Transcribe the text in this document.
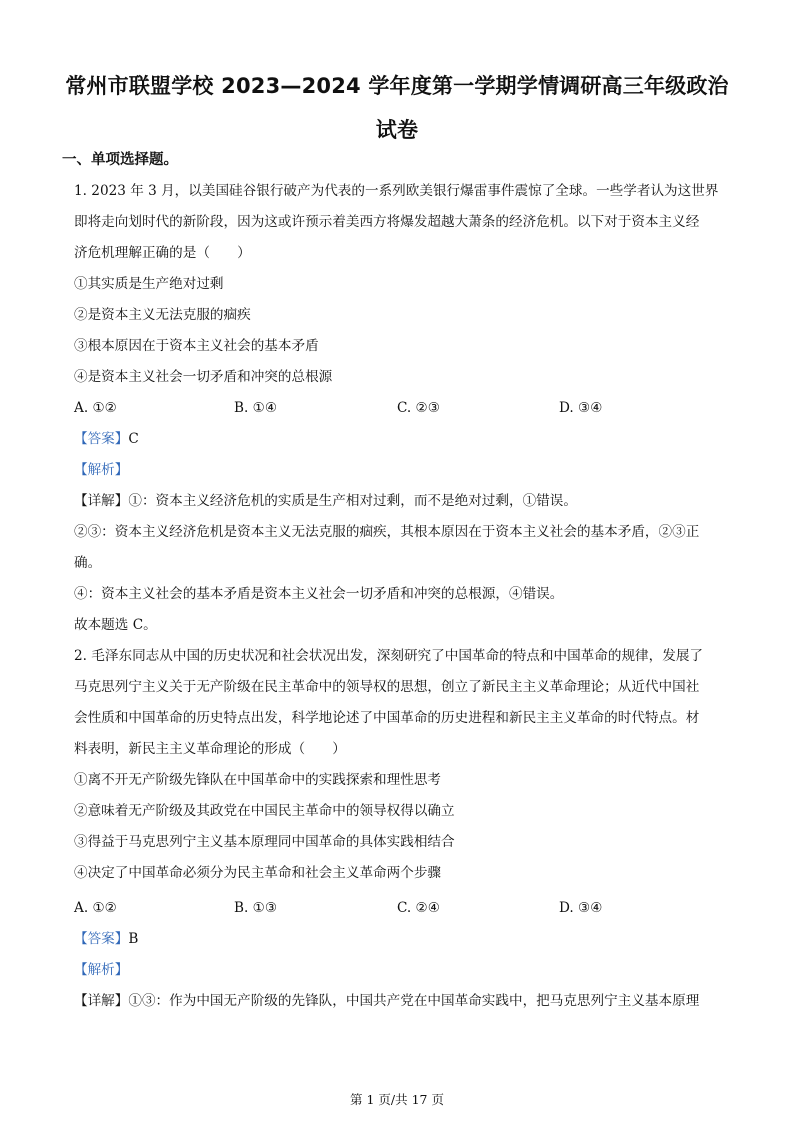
常州市联盟学校 2023—2024 学年度第一学期学情调研高三年级政治
试卷
一、单项选择题。
1. 2023 年 3 月，以美国硅谷银行破产为代表的一系列欧美银行爆雷事件震惊了全球。一些学者认为这世界
即将走向划时代的新阶段，因为这或许预示着美西方将爆发超越大萧条的经济危机。以下对于资本主义经
济危机理解正确的是（　　）
①其实质是生产绝对过剩
②是资本主义无法克服的痼疾
③根本原因在于资本主义社会的基本矛盾
④是资本主义社会一切矛盾和冲突的总根源
A. ①②	B. ①④	C. ②③	D. ③④
【答案】C
【解析】
【详解】①：资本主义经济危机的实质是生产相对过剩，而不是绝对过剩，①错误。
②③：资本主义经济危机是资本主义无法克服的痼疾，其根本原因在于资本主义社会的基本矛盾，②③正
确。
④：资本主义社会的基本矛盾是资本主义社会一切矛盾和冲突的总根源，④错误。
故本题选 C。
2. 毛泽东同志从中国的历史状况和社会状况出发，深刻研究了中国革命的特点和中国革命的规律，发展了
马克思列宁主义关于无产阶级在民主革命中的领导权的思想，创立了新民主主义革命理论；从近代中国社
会性质和中国革命的历史特点出发，科学地论述了中国革命的历史进程和新民主主义革命的时代特点。材
料表明，新民主主义革命理论的形成（　　）
①离不开无产阶级先锋队在中国革命中的实践探索和理性思考
②意味着无产阶级及其政党在中国民主革命中的领导权得以确立
③得益于马克思列宁主义基本原理同中国革命的具体实践相结合
④决定了中国革命必须分为民主革命和社会主义革命两个步骤
A. ①②	B. ①③	C. ②④	D. ③④
【答案】B
【解析】
【详解】①③：作为中国无产阶级的先锋队，中国共产党在中国革命实践中，把马克思列宁主义基本原理
第 1 页/共 17 页
